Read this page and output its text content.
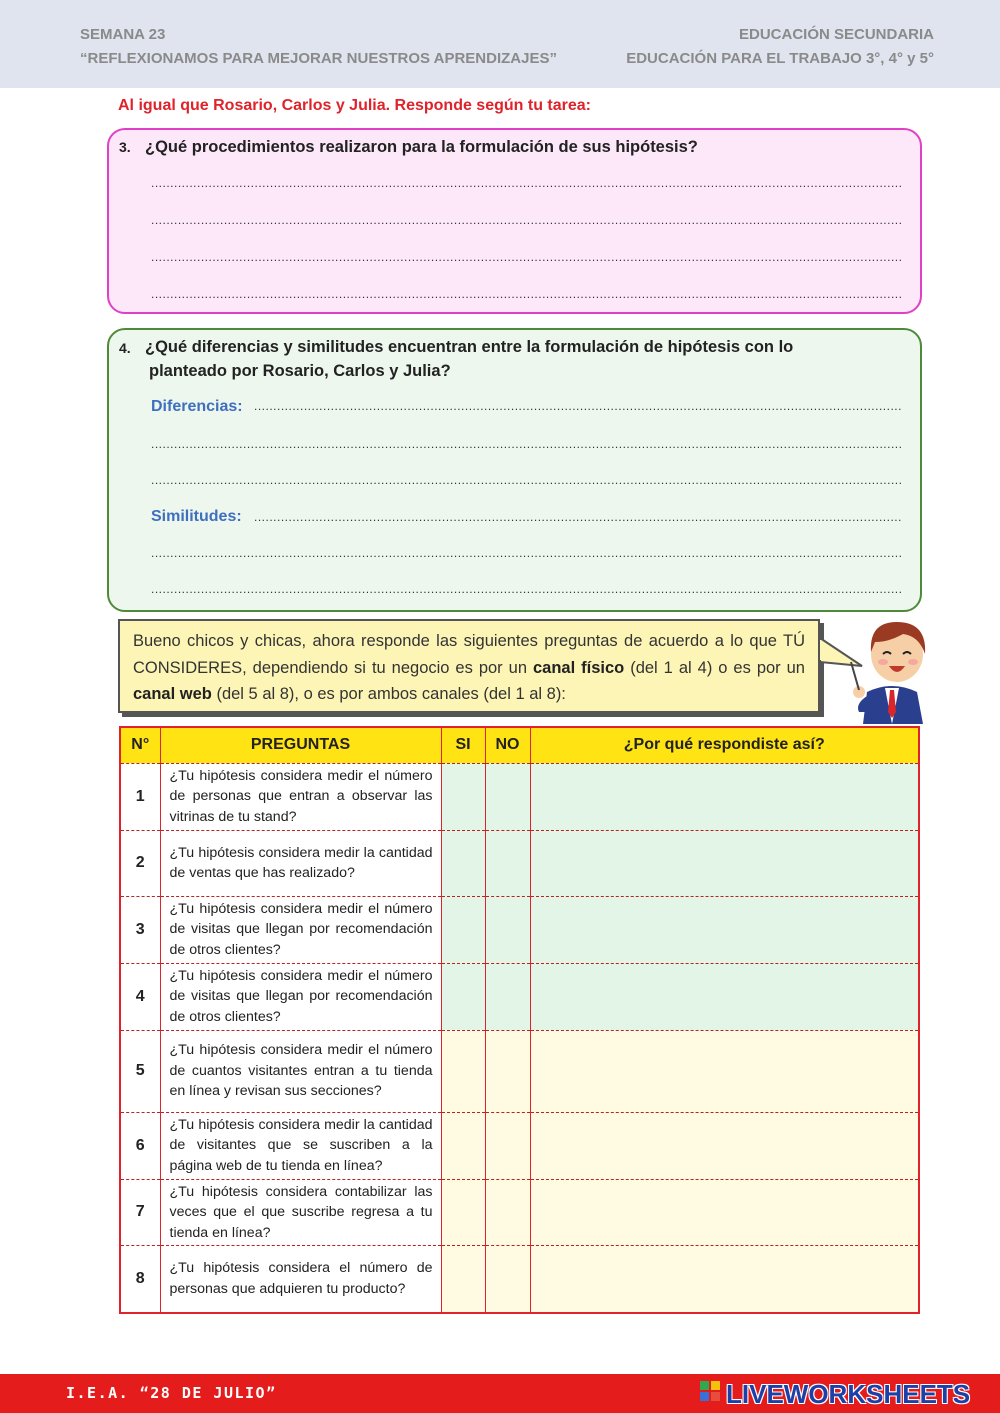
SEMANA 23
“REFLEXIONAMOS PARA MEJORAR NUESTROS APRENDIZAJES”
EDUCACIÓN SECUNDARIA
EDUCACIÓN PARA EL TRABAJO 3°, 4° y 5°
Al igual que Rosario, Carlos y Julia. Responde según tu tarea:
3. ¿Qué procedimientos realizaron para la formulación de sus hipótesis?
.....
.....
.....
.....
4. ¿Qué diferencias y similitudes encuentran entre la formulación de hipótesis con lo
planteado por Rosario, Carlos y Julia?
Diferencias:
.....
.....
.....
Similitudes:
.....
.....
.....
Bueno chicos y chicas, ahora responde las siguientes preguntas de acuerdo a lo que TÚ CONSIDERES, dependiendo si tu negocio es por un canal físico (del 1 al 4) o es por un canal web (del 5 al 8), o es por ambos canales (del 1 al 8):
N°	PREGUNTAS	SI	NO	¿Por qué respondiste así?
1	¿Tu hipótesis considera medir el número de personas que entran a observar las vitrinas de tu stand?			
2	¿Tu hipótesis considera medir la cantidad de ventas que has realizado?			
3	¿Tu hipótesis considera medir el número de visitas que llegan por recomendación de otros clientes?			
4	¿Tu hipótesis considera medir el número de visitas que llegan por recomendación de otros clientes?			
5	¿Tu hipótesis considera medir el número de cuantos visitantes entran a tu tienda en línea y revisan sus secciones?			
6	¿Tu hipótesis considera medir la cantidad de visitantes que se suscriben a la página web de tu tienda en línea?			
7	¿Tu hipótesis considera contabilizar las veces que el que suscribe regresa a tu tienda en línea?			
8	¿Tu hipótesis considera el número de personas que adquieren tu producto?			
I.E.A. “28 DE JULIO”	LIVEWORKSHEETS
